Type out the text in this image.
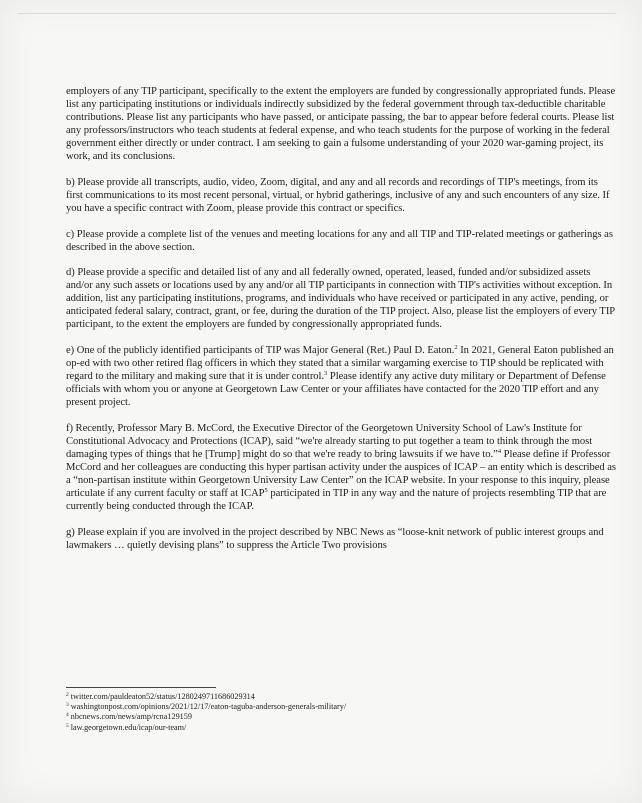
employers of any TIP participant, specifically to the extent the employers are funded by congressionally appropriated funds. Please list any participating institutions or individuals indirectly subsidized by the federal government through tax-deductible charitable contributions. Please list any participants who have passed, or anticipate passing, the bar to appear before federal courts. Please list any professors/instructors who teach students at federal expense, and who teach students for the purpose of working in the federal government either directly or under contract. I am seeking to gain a fulsome understanding of your 2020 war-gaming project, its work, and its conclusions.

b) Please provide all transcripts, audio, video, Zoom, digital, and any and all records and recordings of TIP's meetings, from its first communications to its most recent personal, virtual, or hybrid gatherings, inclusive of any and such encounters of any size. If you have a specific contract with Zoom, please provide this contract or specifics.

c) Please provide a complete list of the venues and meeting locations for any and all TIP and TIP-related meetings or gatherings as described in the above section.

d) Please provide a specific and detailed list of any and all federally owned, operated, leased, funded and/or subsidized assets and/or any such assets or locations used by any and/or all TIP participants in connection with TIP's activities without exception. In addition, list any participating institutions, programs, and individuals who have received or participated in any active, pending, or anticipated federal salary, contract, grant, or fee, during the duration of the TIP project. Also, please list the employers of every TIP participant, to the extent the employers are funded by congressionally appropriated funds.

e) One of the publicly identified participants of TIP was Major General (Ret.) Paul D. Eaton.$^2$ In 2021, General Eaton published an op-ed with two other retired flag officers in which they stated that a similar wargaming exercise to TIP should be replicated with regard to the military and making sure that it is under control.$^3$ Please identify any active duty military or Department of Defense officials with whom you or anyone at Georgetown Law Center or your affiliates have contacted for the 2020 TIP effort and any present project.

f) Recently, Professor Mary B. McCord, the Executive Director of the Georgetown University School of Law's Institute for Constitutional Advocacy and Protections (ICAP), said “we're already starting to put together a team to think through the most damaging types of things that he [Trump] might do so that we're ready to bring lawsuits if we have to.”$^4$ Please define if Professor McCord and her colleagues are conducting this hyper partisan activity under the auspices of ICAP – an entity which is described as a “non-partisan institute within Georgetown University Law Center” on the ICAP website. In your response to this inquiry, please articulate if any current faculty or staff at ICAP$^5$ participated in TIP in any way and the nature of projects resembling TIP that are currently being conducted through the ICAP.

g) Please explain if you are involved in the project described by NBC News as “loose-knit network of public interest groups and lawmakers … quietly devising plans” to suppress the Article Two provisions

$^2$ twitter.com/pauldeaton52/status/1280249711686029314
$^3$ washingtonpost.com/opinions/2021/12/17/eaton-taguba-anderson-generals-military/
$^4$ nbcnews.com/news/amp/rcna129159
$^5$ law.georgetown.edu/icap/our-team/
